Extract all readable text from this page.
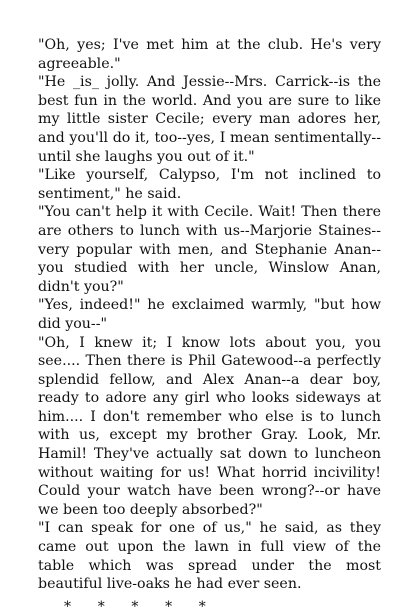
"Oh, yes; I've met him at the club. He's very agreeable."

"He _is_ jolly. And Jessie--Mrs. Carrick--is the best fun in the world. And you are sure to like my little sister Cecile; every man adores her, and you'll do it, too--yes, I mean sentimentally--until she laughs you out of it."

"Like yourself, Calypso, I'm not inclined to sentiment," he said.

"You can't help it with Cecile. Wait! Then there are others to lunch with us--Marjorie Staines--very popular with men, and Stephanie Anan--you studied with her uncle, Winslow Anan, didn't you?"

"Yes, indeed!" he exclaimed warmly, "but how did you--"

"Oh, I knew it; I know lots about you, you see.... Then there is Phil Gatewood--a perfectly splendid fellow, and Alex Anan--a dear boy, ready to adore any girl who looks sideways at him.... I don't remember who else is to lunch with us, except my brother Gray. Look, Mr. Hamil! They've actually sat down to luncheon without waiting for us! What horrid incivility! Could your watch have been wrong?--or have we been too deeply absorbed?"

"I can speak for one of us," he said, as they came out upon the lawn in full view of the table which was spread under the most beautiful live-oaks he had ever seen.

*      *      *      *      *
